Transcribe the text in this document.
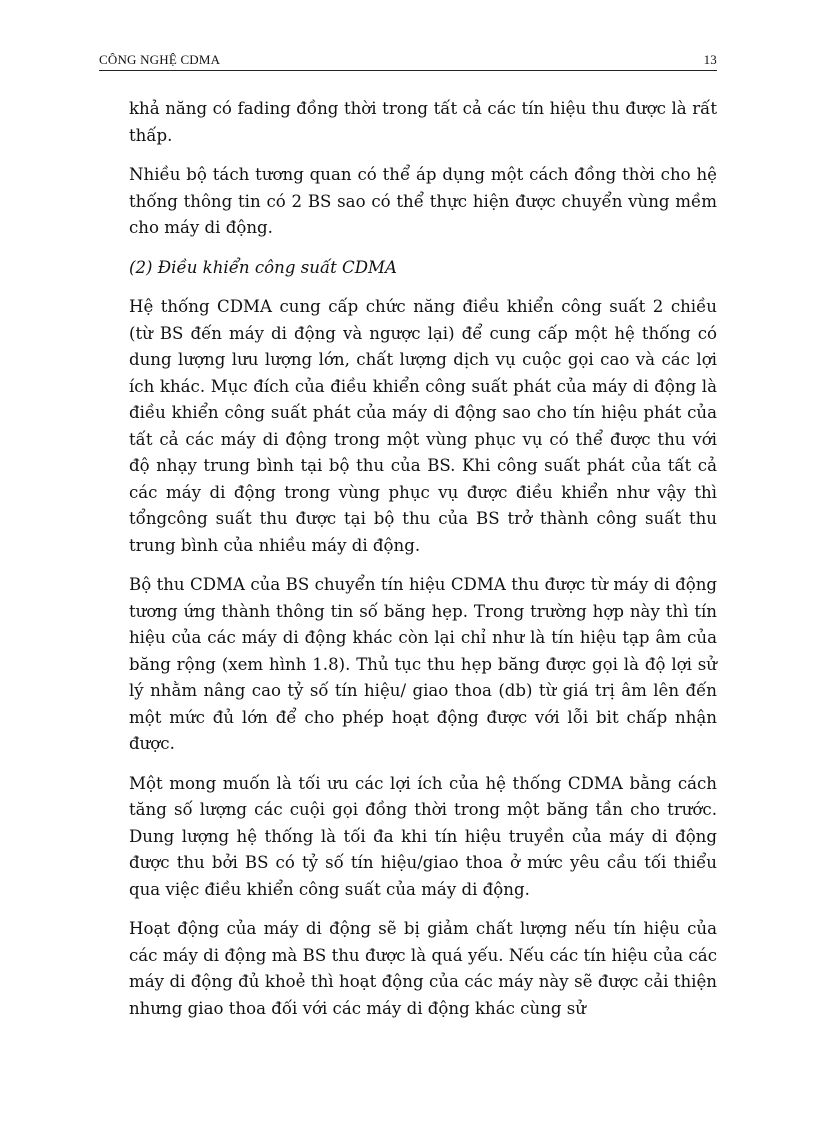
CÔNG NGHỆ CDMA	13

khả năng có fading đồng thời trong tất cả các tín hiệu thu được là rất thấp.

Nhiều bộ tách tương quan có thể áp dụng một cách đồng thời cho hệ thống thông tin có 2 BS sao có thể thực hiện được chuyển vùng mềm cho máy di động.

(2) Điều khiển công suất CDMA

Hệ thống CDMA cung cấp chức năng điều khiển công suất 2 chiều (từ BS đến máy di động và ngược lại) để cung cấp một hệ thống có dung lượng lưu lượng lớn, chất lượng dịch vụ cuộc gọi cao và các lợi ích khác. Mục đích của điều khiển công suất phát của máy di động là điều khiển công suất phát của máy di động sao cho tín hiệu phát của tất cả các máy di động trong một vùng phục vụ có thể được thu với độ nhạy trung bình tại bộ thu của BS. Khi công suất phát của tất cả các máy di động trong vùng phục vụ được điều khiển như vậy thì tổngcông suất thu được tại bộ thu của BS trở thành công suất thu trung bình của nhiều máy di động.

Bộ thu CDMA của BS chuyển tín hiệu CDMA thu được từ máy di động tương ứng thành thông tin số băng hẹp. Trong trường hợp này thì tín hiệu của các máy di động khác còn lại chỉ như là tín hiệu tạp âm của băng rộng (xem hình 1.8). Thủ tục thu hẹp băng được gọi là độ lợi sử lý nhằm nâng cao tỷ số tín hiệu/ giao thoa (db) từ giá trị âm lên đến một mức đủ lớn để cho phép hoạt động được với lỗi bit chấp nhận được.

Một mong muốn là tối ưu các lợi ích của hệ thống CDMA bằng cách tăng số lượng các cuội gọi đồng thời trong một băng tần cho trước. Dung lượng hệ thống là tối đa khi tín hiệu truyền của máy di động được thu bởi BS có tỷ số tín hiệu/giao thoa ở mức yêu cầu tối thiểu qua việc điều khiển công suất của máy di động.

Hoạt động của máy di động sẽ bị giảm chất lượng nếu tín hiệu của các máy di động mà BS thu được là quá yếu. Nếu các tín hiệu của các máy di động đủ khoẻ thì hoạt động của các máy này sẽ được cải thiện nhưng giao thoa đối với các máy di động khác cùng sử
